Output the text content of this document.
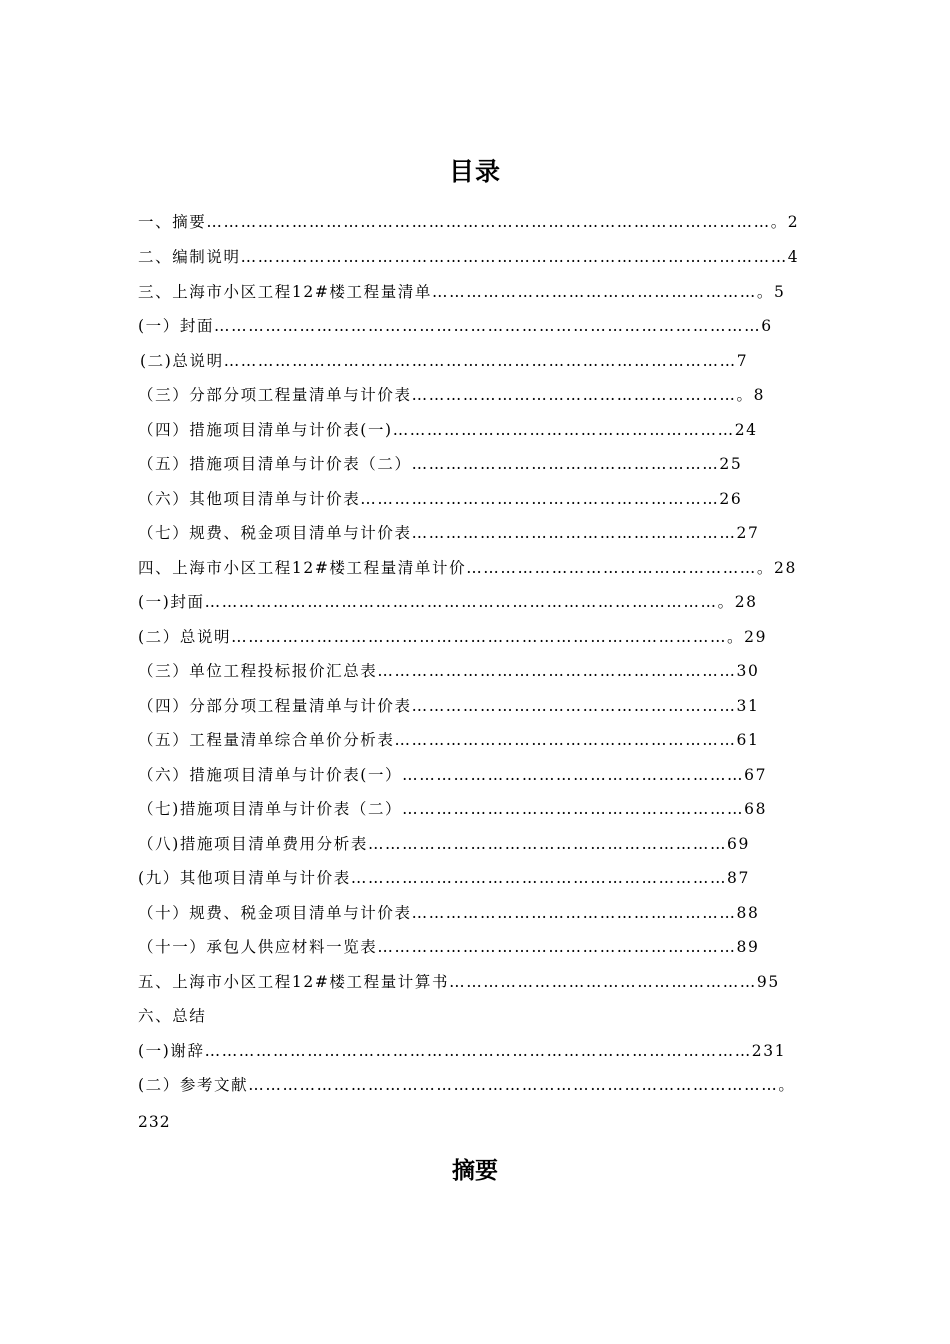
目录
一、摘要………………………………………………………………………………………。2
二、编制说明……………………………………………………………………………………4
三、上海市小区工程12#楼工程量清单…………………………………………………。5
(一）封面……………………………………………………………………………………6
(二)总说明………………………………………………………………………………7
（三）分部分项工程量清单与计价表…………………………………………………。8
（四）措施项目清单与计价表(一)……………………………………………………24
（五）措施项目清单与计价表（二）………………………………………………25
（六）其他项目清单与计价表………………………………………………………26
（七）规费、税金项目清单与计价表…………………………………………………27
四、上海市小区工程12#楼工程量清单计价……………………………………………。28
(一)封面………………………………………………………………………………。28
(二）总说明……………………………………………………………………………。29
（三）单位工程投标报价汇总表………………………………………………………30
（四）分部分项工程量清单与计价表…………………………………………………31
（五）工程量清单综合单价分析表……………………………………………………61
（六）措施项目清单与计价表(一）……………………………………………………67
（七)措施项目清单与计价表（二）……………………………………………………68
（八)措施项目清单费用分析表………………………………………………………69
(九）其他项目清单与计价表…………………………………………………………87
（十）规费、税金项目清单与计价表…………………………………………………88
（十一）承包人供应材料一览表………………………………………………………89
五、上海市小区工程12#楼工程量计算书………………………………………………95
六、总结
(一)谢辞……………………………………………………………………………………231
(二）参考文献…………………………………………………………………………………。
232
摘要
